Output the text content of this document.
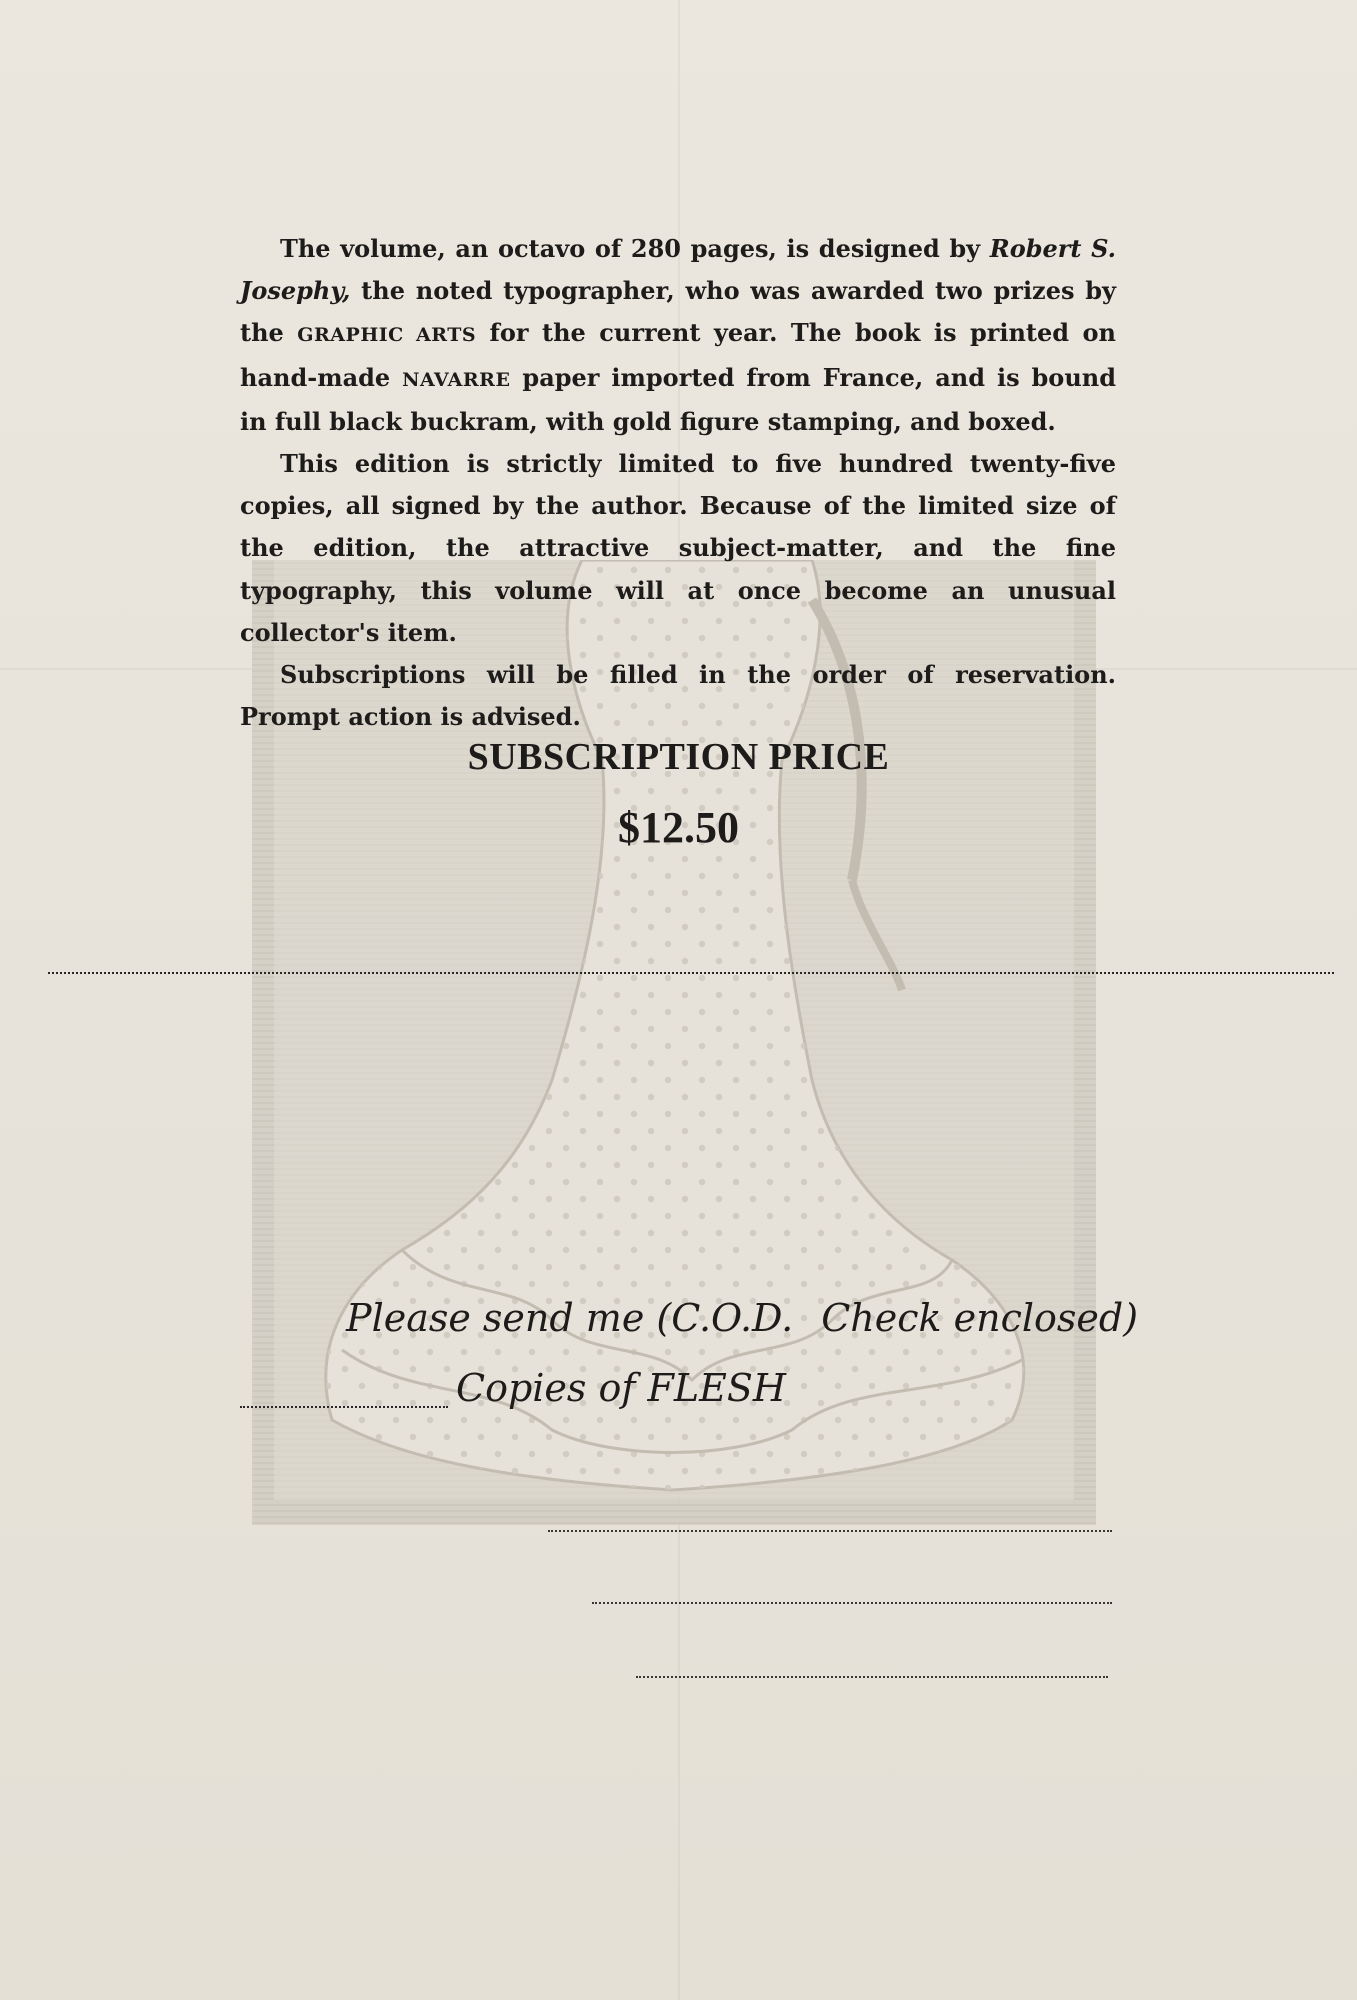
The volume, an octavo of 280 pages, is designed by Robert S. Josephy, the noted typographer, who was awarded two prizes by the GRAPHIC ARTS for the current year. The book is printed on hand-made NAVARRE paper imported from France, and is bound in full black buckram, with gold figure stamping, and boxed.

This edition is strictly limited to five hundred twenty-five copies, all signed by the author. Because of the limited size of the edition, the attractive subject-matter, and the fine typography, this volume will at once become an unusual collector's item.

Subscriptions will be filled in the order of reservation. Prompt action is advised.

SUBSCRIPTION PRICE
$12.50
Please send me (C.O.D. Check enclosed)
Copies of FLESH
